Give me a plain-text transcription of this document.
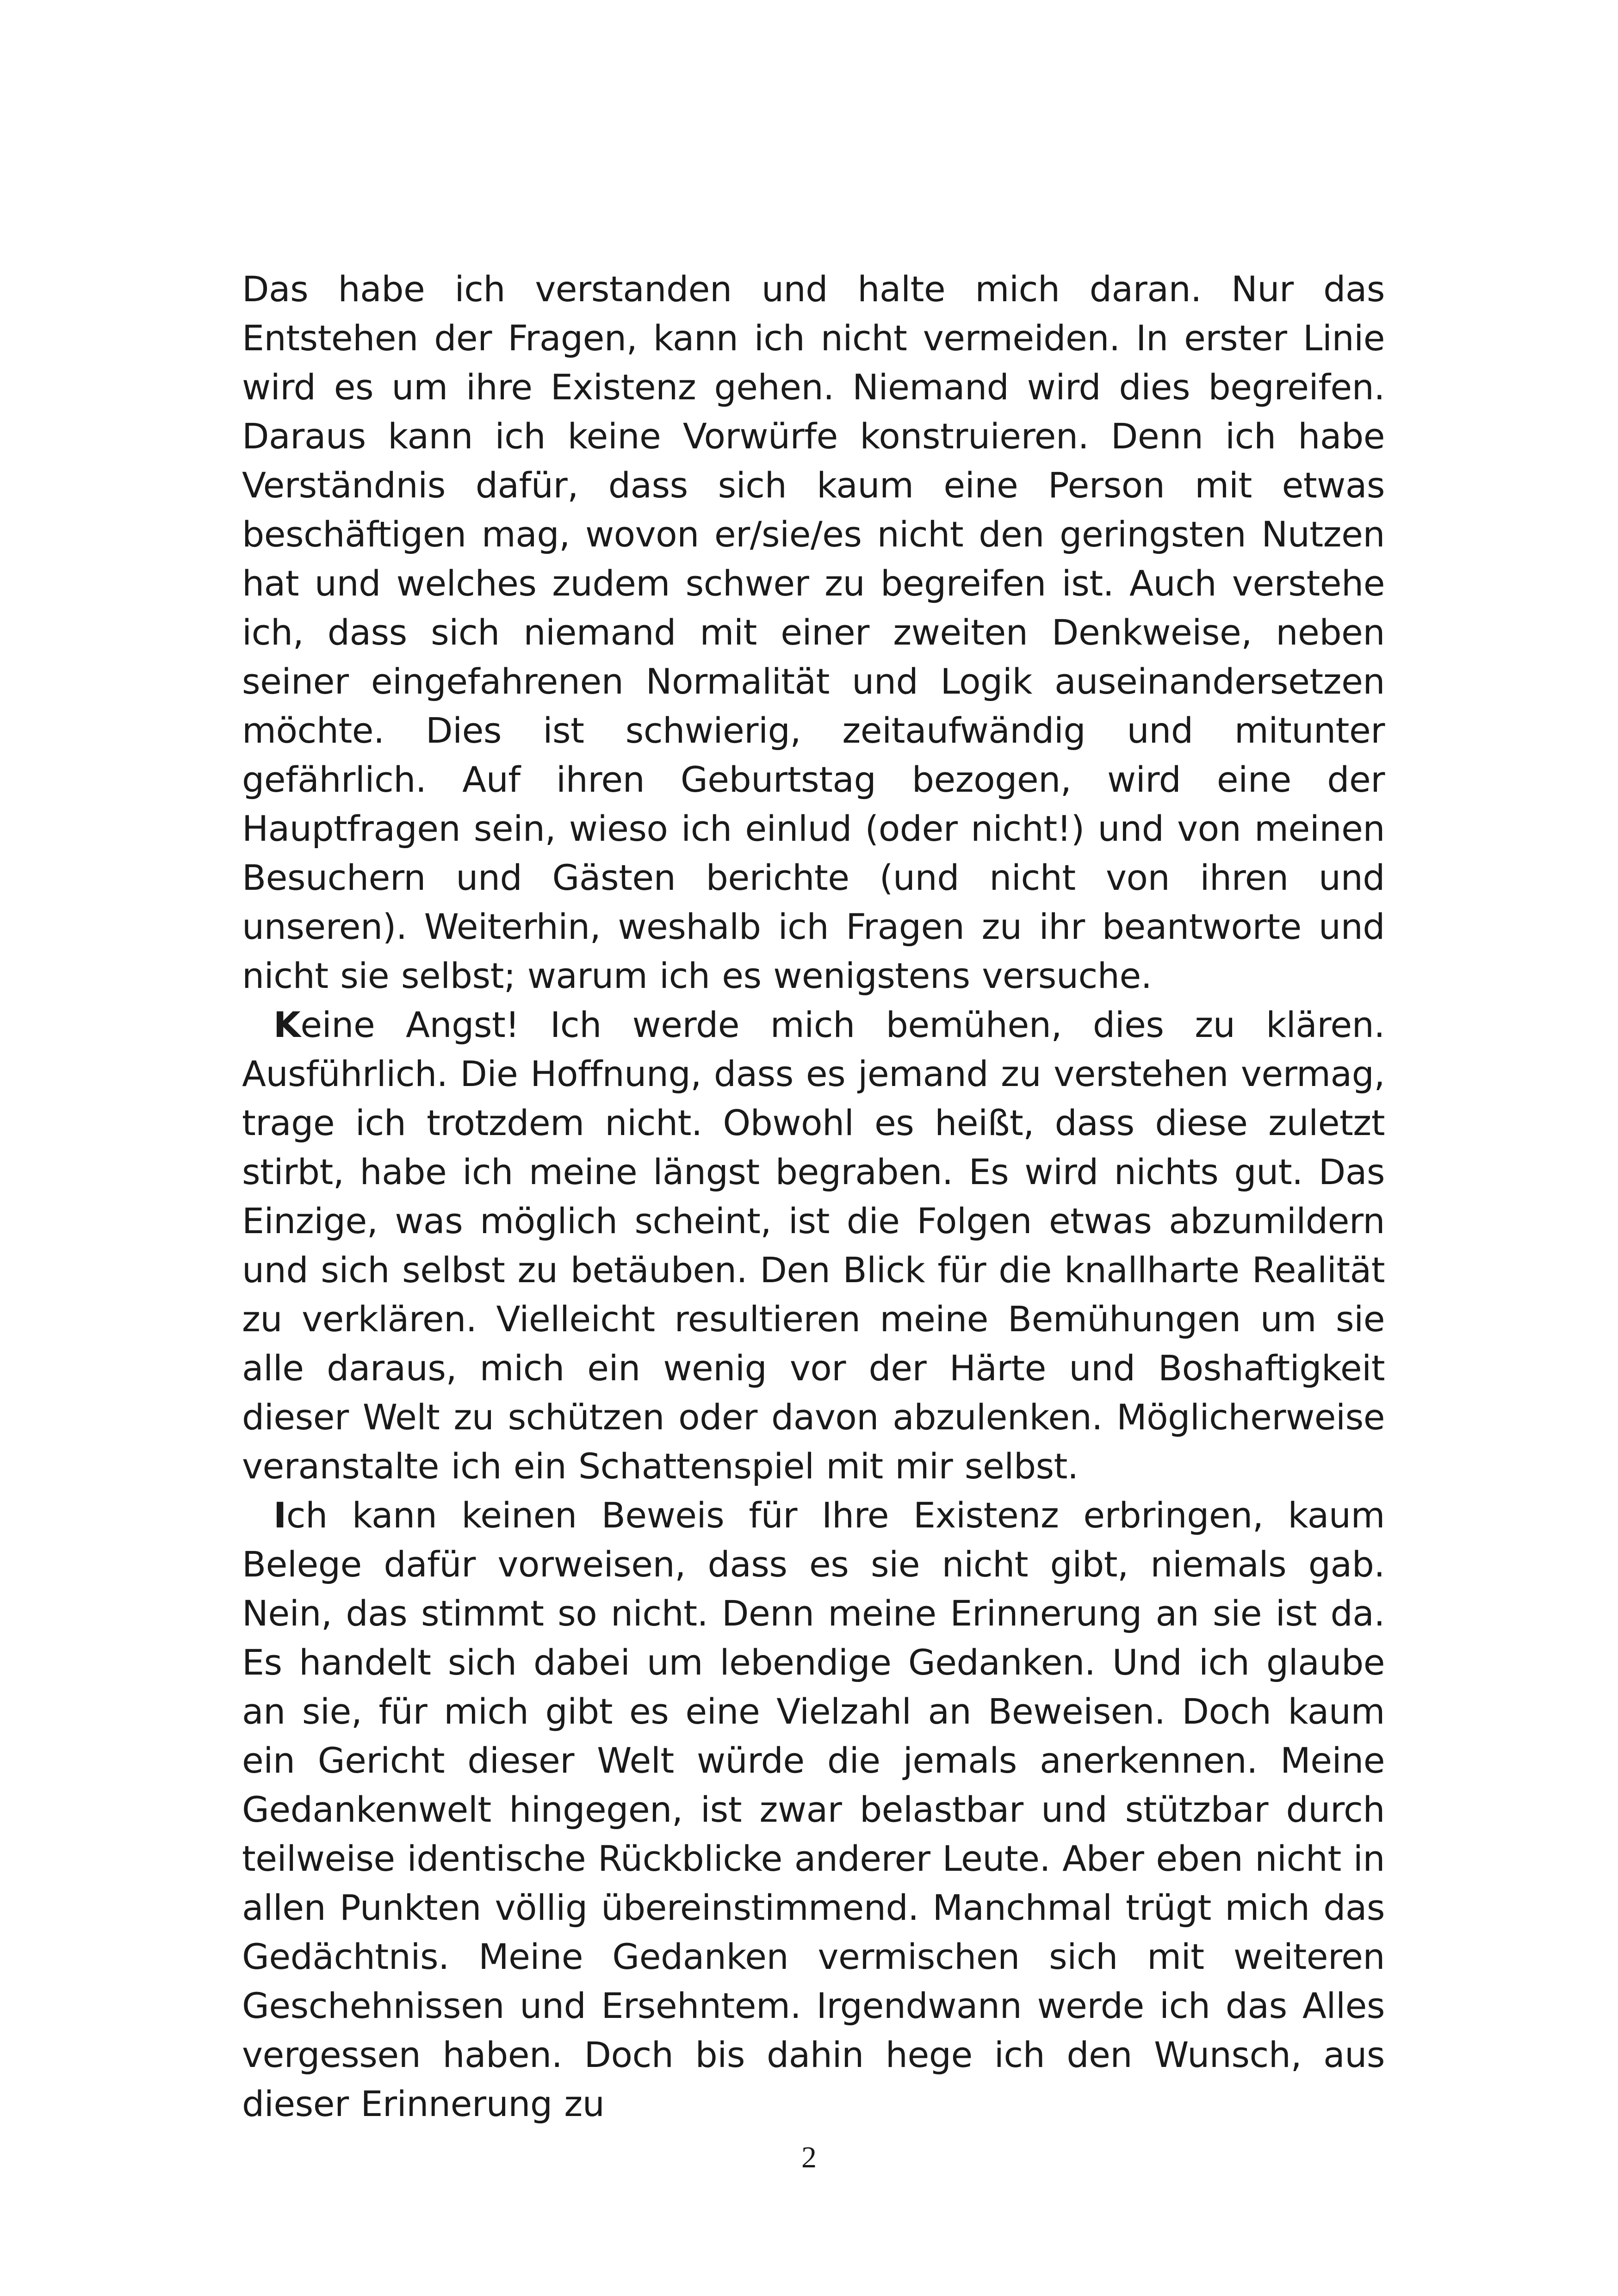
Das habe ich verstanden und halte mich daran. Nur das Entstehen der Fragen, kann ich nicht vermeiden. In erster Linie wird es um ihre Existenz gehen. Niemand wird dies begreifen. Daraus kann ich keine Vorwürfe konstruieren. Denn ich habe Verständnis dafür, dass sich kaum eine Person mit etwas beschäftigen mag, wovon er/sie/es nicht den geringsten Nutzen hat und welches zudem schwer zu begreifen ist. Auch verstehe ich, dass sich niemand mit einer zweiten Denkweise, neben seiner eingefahrenen Normalität und Logik auseinandersetzen möchte. Dies ist schwierig, zeitaufwändig und mitunter gefährlich. Auf ihren Geburtstag bezogen, wird eine der Hauptfragen sein, wieso ich einlud (oder nicht!) und von meinen Besuchern und Gästen berichte (und nicht von ihren und unseren). Weiterhin, weshalb ich Fragen zu ihr beantworte und nicht sie selbst; warum ich es wenigstens versuche.

Keine Angst! Ich werde mich bemühen, dies zu klären. Ausführlich. Die Hoffnung, dass es jemand zu verstehen vermag, trage ich trotzdem nicht. Obwohl es heißt, dass diese zuletzt stirbt, habe ich meine längst begraben. Es wird nichts gut. Das Einzige, was möglich scheint, ist die Folgen etwas abzumildern und sich selbst zu betäuben. Den Blick für die knallharte Realität zu verklären. Vielleicht resultieren meine Bemühungen um sie alle daraus, mich ein wenig vor der Härte und Boshaftigkeit dieser Welt zu schützen oder davon abzulenken. Möglicherweise veranstalte ich ein Schattenspiel mit mir selbst.

Ich kann keinen Beweis für Ihre Existenz erbringen, kaum Belege dafür vorweisen, dass es sie nicht gibt, niemals gab. Nein, das stimmt so nicht. Denn meine Erinnerung an sie ist da. Es handelt sich dabei um lebendige Gedanken. Und ich glaube an sie, für mich gibt es eine Vielzahl an Beweisen. Doch kaum ein Gericht dieser Welt würde die jemals anerkennen. Meine Gedankenwelt hingegen, ist zwar belastbar und stützbar durch teilweise identische Rückblicke anderer Leute. Aber eben nicht in allen Punkten völlig übereinstimmend. Manchmal trügt mich das Gedächtnis. Meine Gedanken vermischen sich mit weiteren Geschehnissen und Ersehntem. Irgendwann werde ich das Alles vergessen haben. Doch bis dahin hege ich den Wunsch, aus dieser Erinnerung zu

2
